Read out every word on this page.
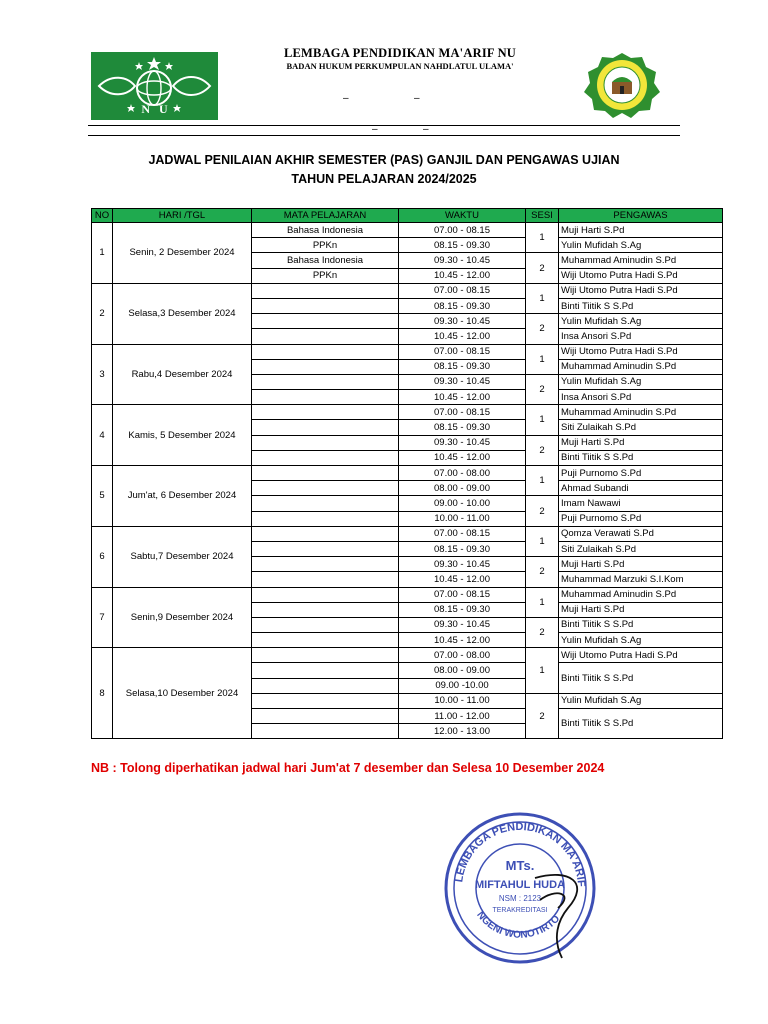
N   U
LEMBAGA PENDIDIKAN MA'ARIF NU
BADAN HUKUM PERKUMPULAN NAHDLATUL ULAMA'
–	–
–	–
JADWAL PENILAIAN AKHIR SEMESTER (PAS) GANJIL DAN PENGAWAS UJIAN
TAHUN PELAJARAN 2024/2025
NO	HARI /TGL	MATA PELAJARAN	WAKTU	SESI	PENGAWAS
1	Senin, 2 Desember 2024	Bahasa Indonesia	07.00 - 08.15	1	Muji Harti S.Pd
		PPKn	08.15 - 09.30		Yulin Mufidah S.Ag
		Bahasa Indonesia	09.30 - 10.45	2	Muhammad Aminudin S.Pd
		PPKn	10.45 - 12.00		Wiji Utomo Putra Hadi S.Pd
2	Selasa,3 Desember 2024		07.00 - 08.15	1	Wiji Utomo Putra Hadi S.Pd
			08.15 - 09.30		Binti Tiitik S S.Pd
			09.30 - 10.45	2	Yulin Mufidah S.Ag
			10.45 - 12.00		Insa Ansori S.Pd
3	Rabu,4 Desember 2024		07.00 - 08.15	1	Wiji Utomo Putra Hadi S.Pd
			08.15 - 09.30		Muhammad Aminudin S.Pd
			09.30 - 10.45	2	Yulin Mufidah S.Ag
			10.45 - 12.00		Insa Ansori S.Pd
4	Kamis, 5 Desember 2024		07.00 - 08.15	1	Muhammad Aminudin S.Pd
			08.15 - 09.30		Siti Zulaikah S.Pd
			09.30 - 10.45	2	Muji Harti S.Pd
			10.45 - 12.00		Binti Tiitik S S.Pd
5	Jum'at, 6 Desember 2024		07.00 - 08.00	1	Puji Purnomo S.Pd
			08.00 - 09.00		Ahmad Subandi
			09.00 - 10.00	2	Imam Nawawi
			10.00 - 11.00		Puji Purnomo S.Pd
6	Sabtu,7 Desember 2024		07.00 - 08.15	1	Qomza Verawati S.Pd
			08.15 - 09.30		Siti Zulaikah S.Pd
			09.30 - 10.45	2	Muji Harti S.Pd
			10.45 - 12.00		Muhammad Marzuki S.I.Kom
7	Senin,9 Desember 2024		07.00 - 08.15	1	Muhammad Aminudin S.Pd
			08.15 - 09.30		Muji Harti S.Pd
			09.30 - 10.45	2	Binti Tiitik S S.Pd
			10.45 - 12.00		Yulin Mufidah S.Ag
8	Selasa,10 Desember 2024		07.00 - 08.00	1	Wiji Utomo Putra Hadi S.Pd
			08.00 - 09.00		Binti Tiitik S S.Pd
			09.00 -10.00		
			10.00 - 11.00	2	Yulin Mufidah S.Ag
			11.00 - 12.00		Binti Tiitik S S.Pd
			12.00 - 13.00		
NB : Tolong diperhatikan jadwal hari Jum'at 7 desember dan Selesa 10 Desember 2024
LEMBAGA PENDIDIKAN MA'ARIF
NGENI WONOTIRTO
MTs.
MIFTAHUL HUDA
NSM : 2123
TERAKREDITASI
